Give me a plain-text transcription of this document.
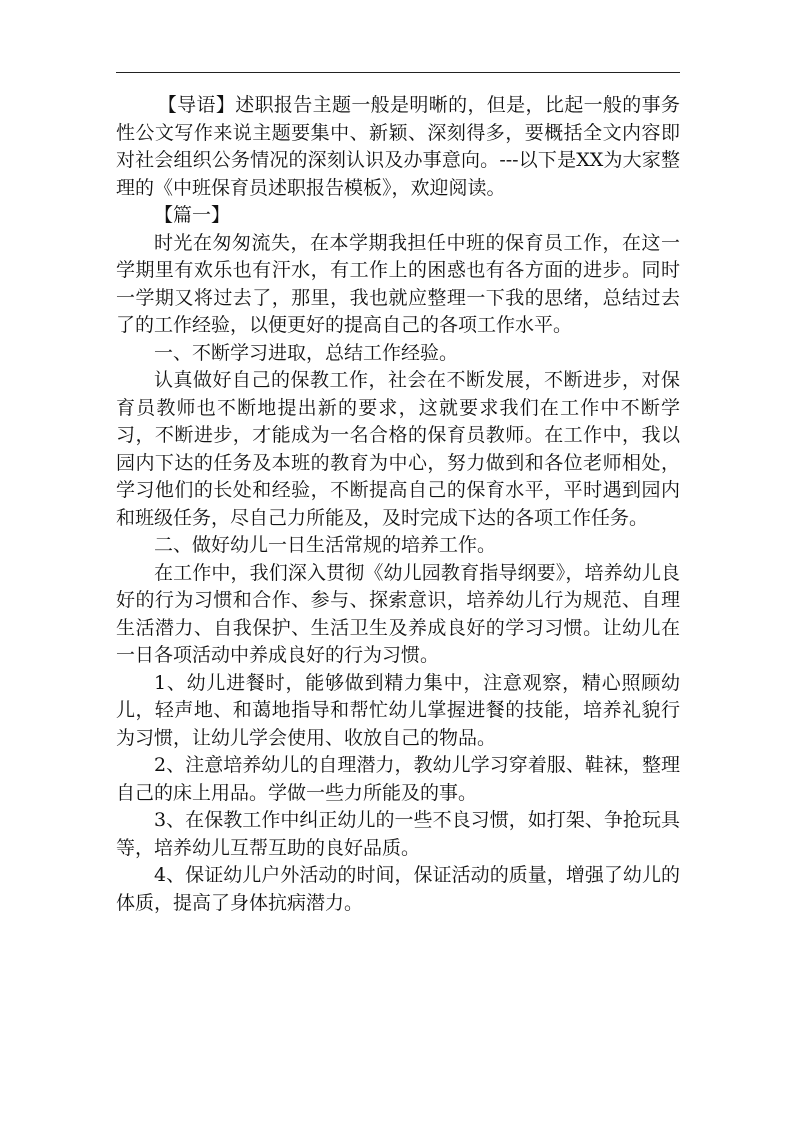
【导语】述职报告主题一般是明晰的，但是，比起一般的事务性公文写作来说主题要集中、新颖、深刻得多，要概括全文内容即对社会组织公务情况的深刻认识及办事意向。---以下是XX为大家整理的《中班保育员述职报告模板》，欢迎阅读。

【篇一】

时光在匆匆流失，在本学期我担任中班的保育员工作，在这一学期里有欢乐也有汗水，有工作上的困惑也有各方面的进步。同时一学期又将过去了，那里，我也就应整理一下我的思绪，总结过去了的工作经验，以便更好的提高自己的各项工作水平。

一、不断学习进取，总结工作经验。

认真做好自己的保教工作，社会在不断发展，不断进步，对保育员教师也不断地提出新的要求，这就要求我们在工作中不断学习，不断进步，才能成为一名合格的保育员教师。在工作中，我以园内下达的任务及本班的教育为中心，努力做到和各位老师相处，学习他们的长处和经验，不断提高自己的保育水平，平时遇到园内和班级任务，尽自己力所能及，及时完成下达的各项工作任务。

二、做好幼儿一日生活常规的培养工作。

在工作中，我们深入贯彻《幼儿园教育指导纲要》，培养幼儿良好的行为习惯和合作、参与、探索意识，培养幼儿行为规范、自理生活潜力、自我保护、生活卫生及养成良好的学习习惯。让幼儿在一日各项活动中养成良好的行为习惯。

1、幼儿进餐时，能够做到精力集中，注意观察，精心照顾幼儿，轻声地、和蔼地指导和帮忙幼儿掌握进餐的技能，培养礼貌行为习惯，让幼儿学会使用、收放自己的物品。

2、注意培养幼儿的自理潜力，教幼儿学习穿着服、鞋袜，整理自己的床上用品。学做一些力所能及的事。

3、在保教工作中纠正幼儿的一些不良习惯，如打架、争抢玩具等，培养幼儿互帮互助的良好品质。

4、保证幼儿户外活动的时间，保证活动的质量，增强了幼儿的体质，提高了身体抗病潜力。
